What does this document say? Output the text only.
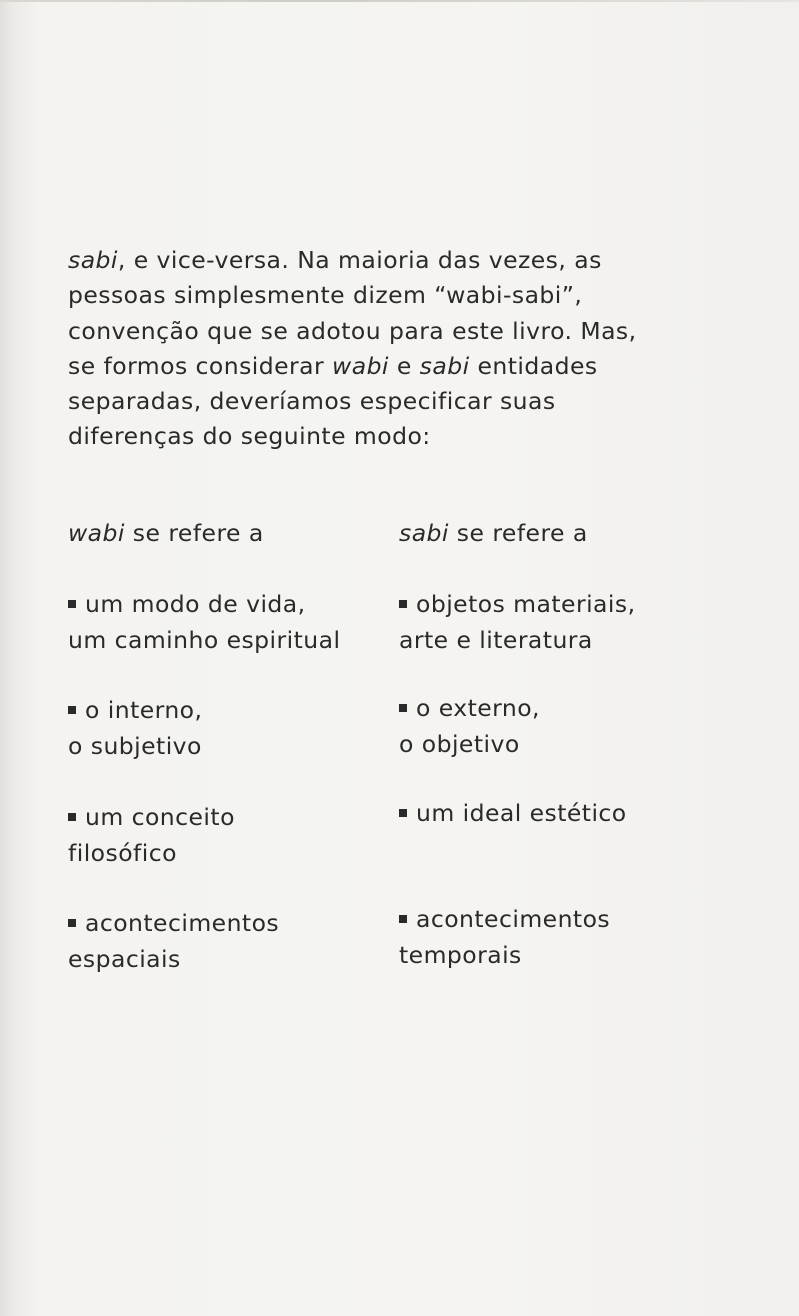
sabi, e vice-versa. Na maioria das vezes, as
pessoas simplesmente dizem “wabi-sabi”,
convenção que se adotou para este livro. Mas,
se formos considerar wabi e sabi entidades
separadas, deveríamos especificar suas
diferenças do seguinte modo:

wabi se refere a

um modo de vida,
um caminho espiritual
o interno,
o subjetivo
um conceito
filosófico
acontecimentos
espaciais

sabi se refere a

objetos materiais,
arte e literatura
o externo,
o objetivo
um ideal estético
acontecimentos
temporais
